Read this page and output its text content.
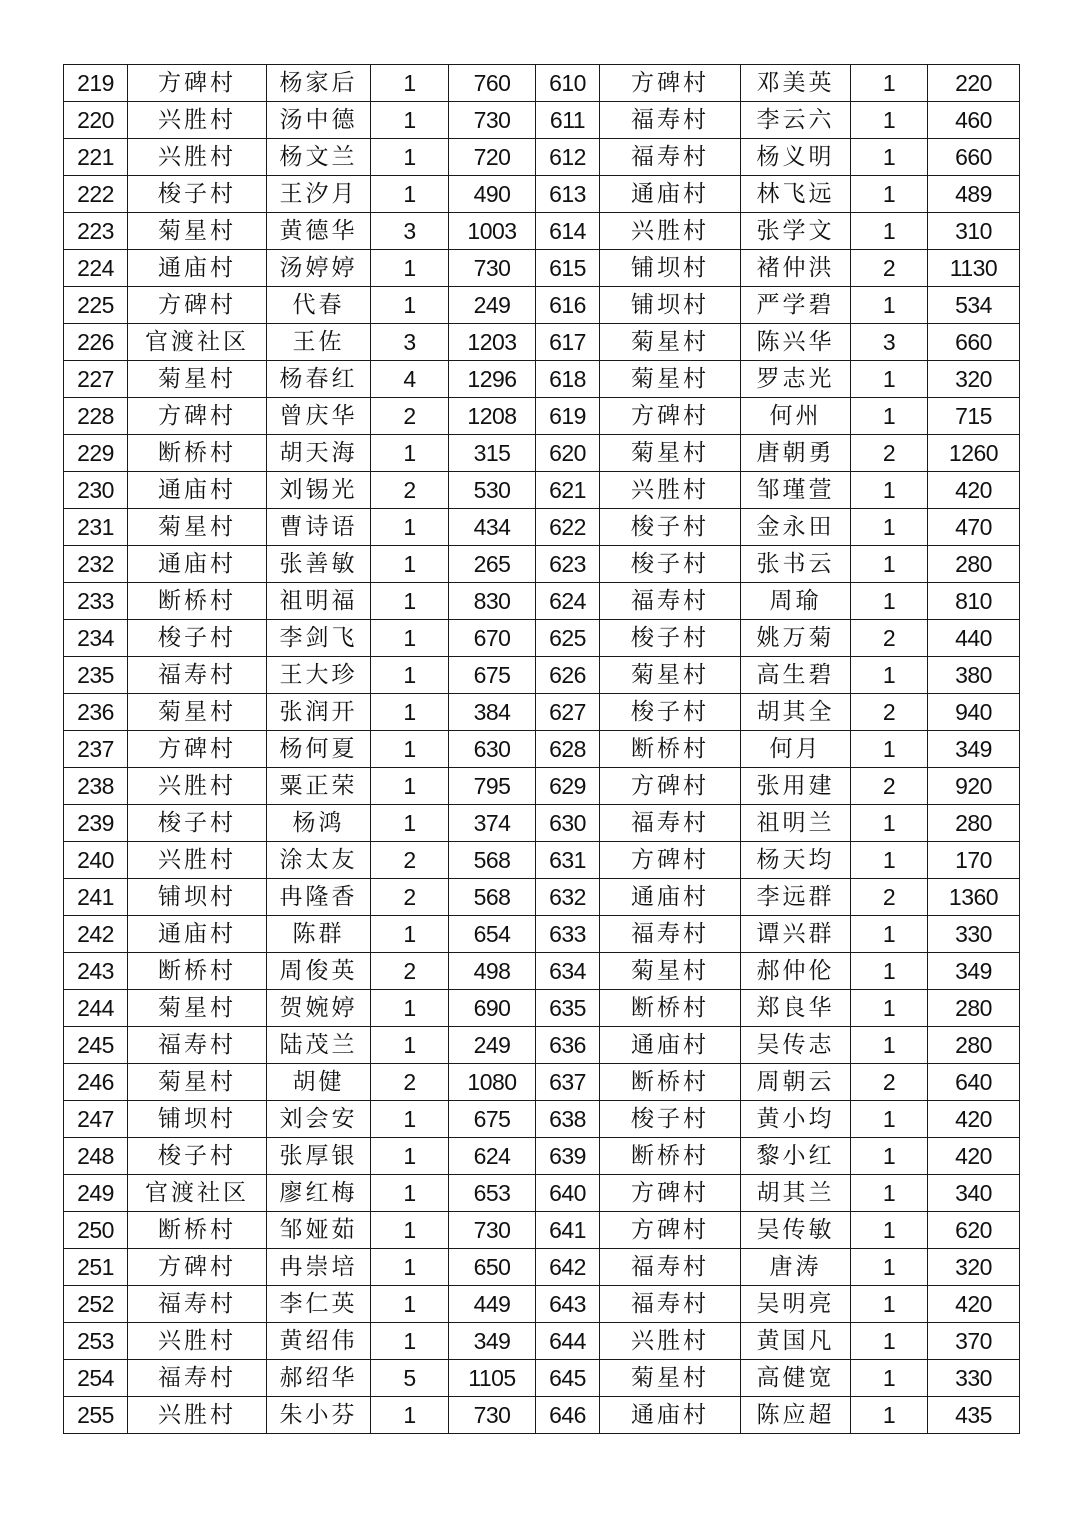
219	方碑村	杨家后	1	760	610	方碑村	邓美英	1	220
220	兴胜村	汤中德	1	730	611	福寿村	李云六	1	460
221	兴胜村	杨文兰	1	720	612	福寿村	杨义明	1	660
222	梭子村	王汐月	1	490	613	通庙村	林飞远	1	489
223	菊星村	黄德华	3	1003	614	兴胜村	张学文	1	310
224	通庙村	汤婷婷	1	730	615	铺坝村	褚仲洪	2	1130
225	方碑村	代春	1	249	616	铺坝村	严学碧	1	534
226	官渡社区	王佐	3	1203	617	菊星村	陈兴华	3	660
227	菊星村	杨春红	4	1296	618	菊星村	罗志光	1	320
228	方碑村	曾庆华	2	1208	619	方碑村	何州	1	715
229	断桥村	胡天海	1	315	620	菊星村	唐朝勇	2	1260
230	通庙村	刘锡光	2	530	621	兴胜村	邹瑾萱	1	420
231	菊星村	曹诗语	1	434	622	梭子村	金永田	1	470
232	通庙村	张善敏	1	265	623	梭子村	张书云	1	280
233	断桥村	祖明福	1	830	624	福寿村	周瑜	1	810
234	梭子村	李剑飞	1	670	625	梭子村	姚万菊	2	440
235	福寿村	王大珍	1	675	626	菊星村	高生碧	1	380
236	菊星村	张润开	1	384	627	梭子村	胡其全	2	940
237	方碑村	杨何夏	1	630	628	断桥村	何月	1	349
238	兴胜村	粟正荣	1	795	629	方碑村	张用建	2	920
239	梭子村	杨鸿	1	374	630	福寿村	祖明兰	1	280
240	兴胜村	涂太友	2	568	631	方碑村	杨天均	1	170
241	铺坝村	冉隆香	2	568	632	通庙村	李远群	2	1360
242	通庙村	陈群	1	654	633	福寿村	谭兴群	1	330
243	断桥村	周俊英	2	498	634	菊星村	郝仲伦	1	349
244	菊星村	贺婉婷	1	690	635	断桥村	郑良华	1	280
245	福寿村	陆茂兰	1	249	636	通庙村	吴传志	1	280
246	菊星村	胡健	2	1080	637	断桥村	周朝云	2	640
247	铺坝村	刘会安	1	675	638	梭子村	黄小均	1	420
248	梭子村	张厚银	1	624	639	断桥村	黎小红	1	420
249	官渡社区	廖红梅	1	653	640	方碑村	胡其兰	1	340
250	断桥村	邹娅茹	1	730	641	方碑村	吴传敏	1	620
251	方碑村	冉崇培	1	650	642	福寿村	唐涛	1	320
252	福寿村	李仁英	1	449	643	福寿村	吴明亮	1	420
253	兴胜村	黄绍伟	1	349	644	兴胜村	黄国凡	1	370
254	福寿村	郝绍华	5	1105	645	菊星村	高健宽	1	330
255	兴胜村	朱小芬	1	730	646	通庙村	陈应超	1	435
